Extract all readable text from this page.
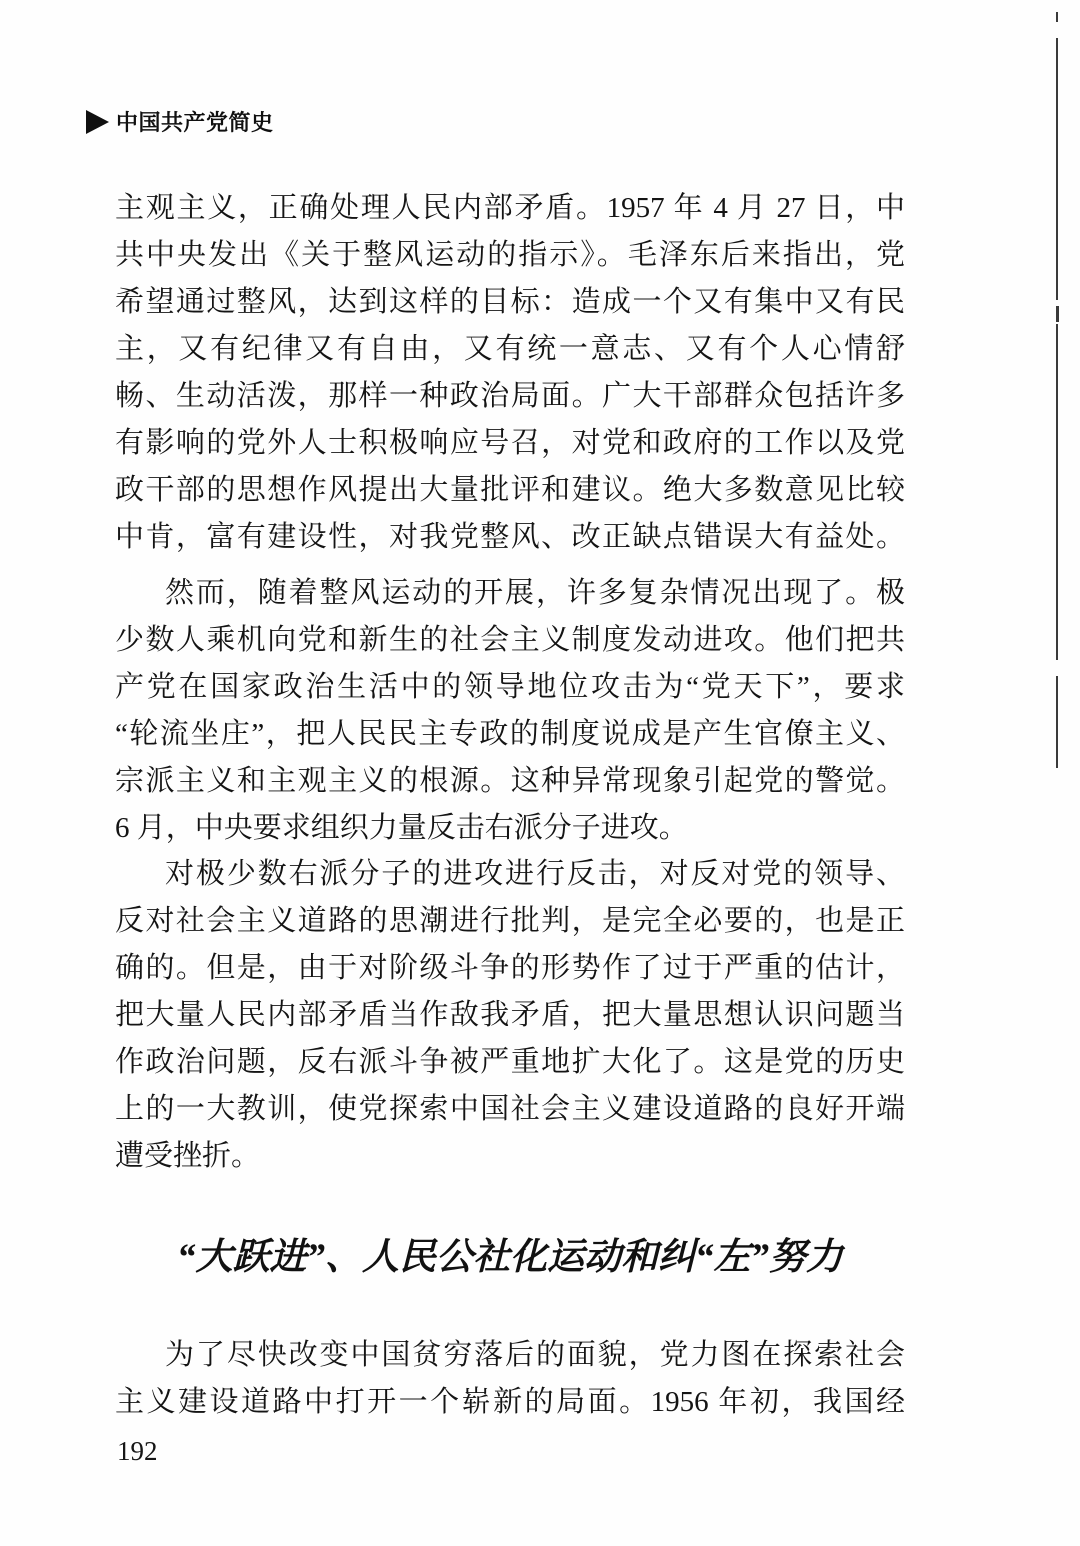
中国共产党简史
主观主义，正确处理人民内部矛盾。1957 年 4 月 27 日，中
共中央发出《关于整风运动的指示》。毛泽东后来指出，党
希望通过整风，达到这样的目标：造成一个又有集中又有民
主，又有纪律又有自由，又有统一意志、又有个人心情舒
畅、生动活泼，那样一种政治局面。广大干部群众包括许多
有影响的党外人士积极响应号召，对党和政府的工作以及党
政干部的思想作风提出大量批评和建议。绝大多数意见比较
中肯，富有建设性，对我党整风、改正缺点错误大有益处。
然而，随着整风运动的开展，许多复杂情况出现了。极
少数人乘机向党和新生的社会主义制度发动进攻。他们把共
产党在国家政治生活中的领导地位攻击为“党天下”，要求
“轮流坐庄”，把人民民主专政的制度说成是产生官僚主义、
宗派主义和主观主义的根源。这种异常现象引起党的警觉。
6 月，中央要求组织力量反击右派分子进攻。
对极少数右派分子的进攻进行反击，对反对党的领导、
反对社会主义道路的思潮进行批判，是完全必要的，也是正
确的。但是，由于对阶级斗争的形势作了过于严重的估计，
把大量人民内部矛盾当作敌我矛盾，把大量思想认识问题当
作政治问题，反右派斗争被严重地扩大化了。这是党的历史
上的一大教训，使党探索中国社会主义建设道路的良好开端
遭受挫折。
“大跃进”、人民公社化运动和纠“左”努力
为了尽快改变中国贫穷落后的面貌，党力图在探索社会
主义建设道路中打开一个崭新的局面。1956 年初，我国经
192
